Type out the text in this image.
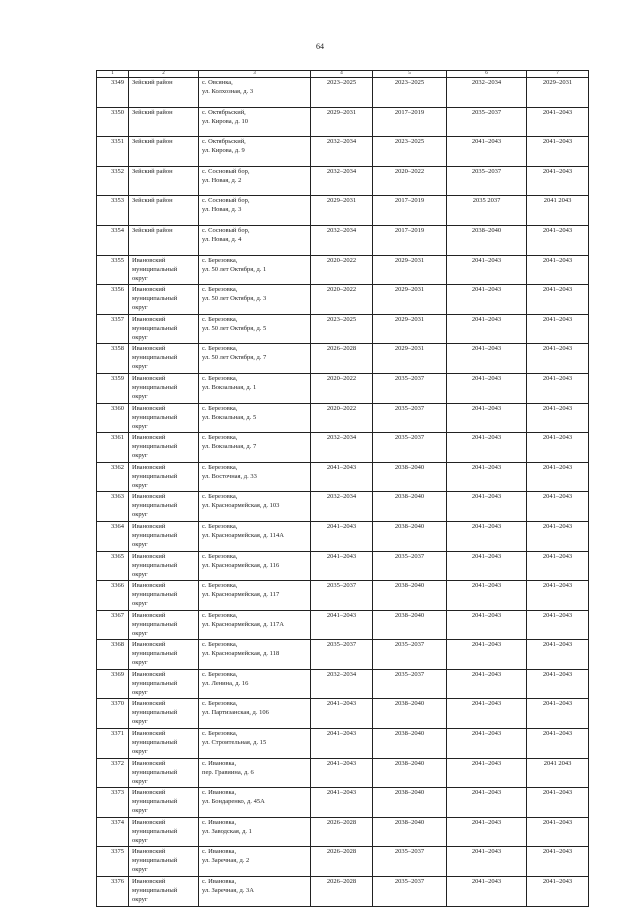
64
1	2	3	4	5	6	7
3349	Зейский район	с. Овсянка,
ул. Колхозная, д. 3	2023–2025	2023–2025	2032–2034	2029–2031
3350	Зейский район	с. Октябрьский,
ул. Кирова, д. 10	2029–2031	2017–2019	2035–2037	2041–2043
3351	Зейский район	с. Октябрьский,
ул. Кирова, д. 9	2032–2034	2023–2025	2041–2043	2041–2043
3352	Зейский район	с. Сосновый бор,
ул. Новая, д. 2	2032–2034	2020–2022	2035–2037	2041–2043
3353	Зейский район	с. Сосновый бор,
ул. Новая, д. 3	2029–2031	2017–2019	2035 2037	2041 2043
3354	Зейский район	с. Сосновый бор,
ул. Новая, д. 4	2032–2034	2017–2019	2038–2040	2041–2043
3355	Ивановский
муниципальный
округ	с. Березовка,
ул. 50 лет Октября, д. 1	2020–2022	2029–2031	2041–2043	2041–2043
3356	Ивановский
муниципальный
округ	с. Березовка,
ул. 50 лет Октября, д. 3	2020–2022	2029–2031	2041–2043	2041–2043
3357	Ивановский
муниципальный
округ	с. Березовка,
ул. 50 лет Октября, д. 5	2023–2025	2029–2031	2041–2043	2041–2043
3358	Ивановский
муниципальный
округ	с. Березовка,
ул. 50 лет Октября, д. 7	2026–2028	2029–2031	2041–2043	2041–2043
3359	Ивановский
муниципальный
округ	с. Березовка,
ул. Вокзальная, д. 1	2020–2022	2035–2037	2041–2043	2041–2043
3360	Ивановский
муниципальный
округ	с. Березовка,
ул. Вокзальная, д. 5	2020–2022	2035–2037	2041–2043	2041–2043
3361	Ивановский
муниципальный
округ	с. Березовка,
ул. Вокзальная, д. 7	2032–2034	2035–2037	2041–2043	2041–2043
3362	Ивановский
муниципальный
округ	с. Березовка,
ул. Восточная, д. 33	2041–2043	2038–2040	2041–2043	2041–2043
3363	Ивановский
муниципальный
округ	с. Березовка,
ул. Красноармейская, д. 103	2032–2034	2038–2040	2041–2043	2041–2043
3364	Ивановский
муниципальный
округ	с. Березовка,
ул. Красноармейская, д. 114А	2041–2043	2038–2040	2041–2043	2041–2043
3365	Ивановский
муниципальный
округ	с. Березовка,
ул. Красноармейская, д. 116	2041–2043	2035–2037	2041–2043	2041–2043
3366	Ивановский
муниципальный
округ	с. Березовка,
ул. Красноармейская, д. 117	2035–2037	2038–2040	2041–2043	2041–2043
3367	Ивановский
муниципальный
округ	с. Березовка,
ул. Красноармейская, д. 117А	2041–2043	2038–2040	2041–2043	2041–2043
3368	Ивановский
муниципальный
округ	с. Березовка,
ул. Красноармейская, д. 118	2035–2037	2035–2037	2041–2043	2041–2043
3369	Ивановский
муниципальный
округ	с. Березовка,
ул. Ленина, д. 16	2032–2034	2035–2037	2041–2043	2041–2043
3370	Ивановский
муниципальный
округ	с. Березовка,
ул. Партизанская, д. 106	2041–2043	2038–2040	2041–2043	2041–2043
3371	Ивановский
муниципальный
округ	с. Березовка,
ул. Строительная, д. 15	2041–2043	2038–2040	2041–2043	2041–2043
3372	Ивановский
муниципальный
округ	с. Ивановка,
пер. Гравиина, д. 6	2041–2043	2038–2040	2041–2043	2041 2043
3373	Ивановский
муниципальный
округ	с. Ивановка,
ул. Бондаренко, д. 45А	2041–2043	2038–2040	2041–2043	2041–2043
3374	Ивановский
муниципальный
округ	с. Ивановка,
ул. Заводская, д. 1	2026–2028	2038–2040	2041–2043	2041–2043
3375	Ивановский
муниципальный
округ	с. Ивановка,
ул. Заречная, д. 2	2026–2028	2035–2037	2041–2043	2041–2043
3376	Ивановский
муниципальный
округ	с. Ивановка,
ул. Заречная, д. 3А	2026–2028	2035–2037	2041–2043	2041–2043
